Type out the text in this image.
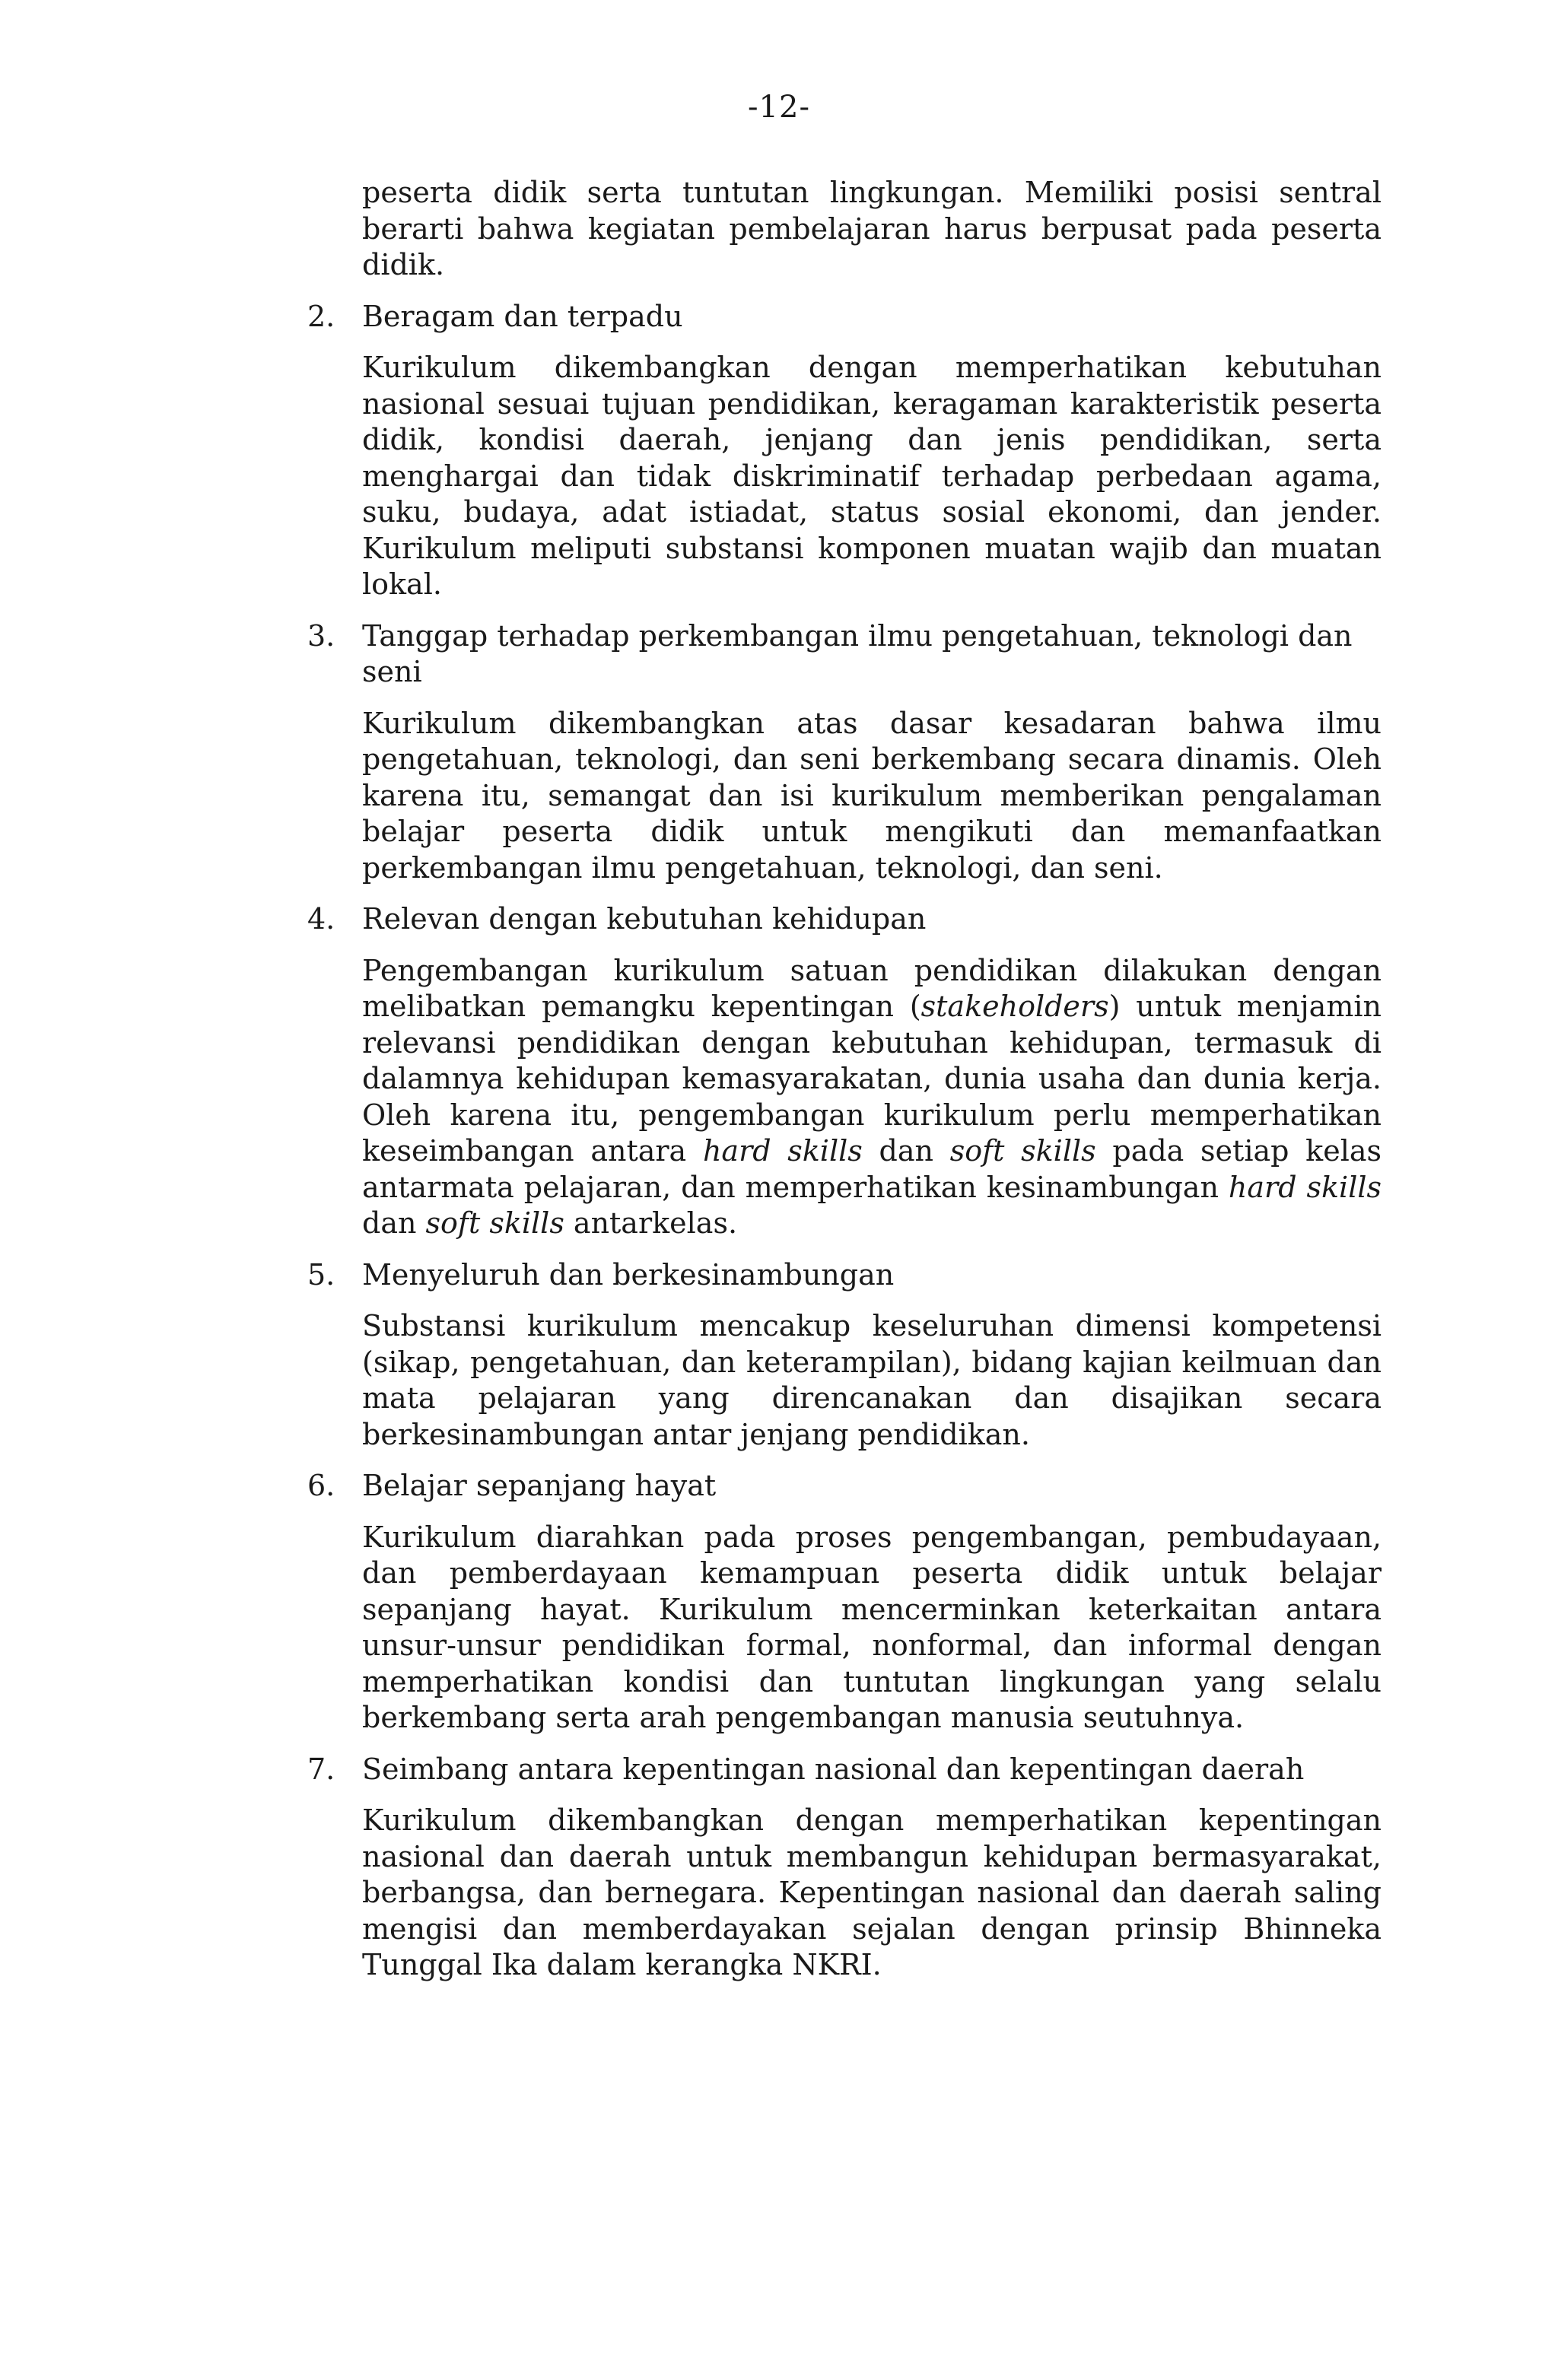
-12-

peserta didik serta tuntutan lingkungan. Memiliki posisi sentral berarti bahwa kegiatan pembelajaran harus berpusat pada peserta didik.

2. Beragam dan terpadu

Kurikulum dikembangkan dengan memperhatikan kebutuhan nasional sesuai tujuan pendidikan, keragaman karakteristik peserta didik, kondisi daerah, jenjang dan jenis pendidikan, serta menghargai dan tidak diskriminatif terhadap perbedaan agama, suku, budaya, adat istiadat, status sosial ekonomi, dan jender. Kurikulum meliputi substansi komponen muatan wajib dan muatan lokal.

3. Tanggap terhadap perkembangan ilmu pengetahuan, teknologi dan seni

Kurikulum dikembangkan atas dasar kesadaran bahwa ilmu pengetahuan, teknologi, dan seni berkembang secara dinamis. Oleh karena itu, semangat dan isi kurikulum memberikan pengalaman belajar peserta didik untuk mengikuti dan memanfaatkan perkembangan ilmu pengetahuan, teknologi, dan seni.

4. Relevan dengan kebutuhan kehidupan

Pengembangan kurikulum satuan pendidikan dilakukan dengan melibatkan pemangku kepentingan (stakeholders) untuk menjamin relevansi pendidikan dengan kebutuhan kehidupan, termasuk di dalamnya kehidupan kemasyarakatan, dunia usaha dan dunia kerja. Oleh karena itu, pengembangan kurikulum perlu memperhatikan keseimbangan antara hard skills dan soft skills pada setiap kelas antarmata pelajaran, dan memperhatikan kesinambungan hard skills dan soft skills antarkelas.

5. Menyeluruh dan berkesinambungan

Substansi kurikulum mencakup keseluruhan dimensi kompetensi (sikap, pengetahuan, dan keterampilan), bidang kajian keilmuan dan mata pelajaran yang direncanakan dan disajikan secara berkesinambungan antar jenjang pendidikan.

6. Belajar sepanjang hayat

Kurikulum diarahkan pada proses pengembangan, pembudayaan, dan pemberdayaan kemampuan peserta didik untuk belajar sepanjang hayat. Kurikulum mencerminkan keterkaitan antara unsur-unsur pendidikan formal, nonformal, dan informal dengan memperhatikan kondisi dan tuntutan lingkungan yang selalu berkembang serta arah pengembangan manusia seutuhnya.

7. Seimbang antara kepentingan nasional dan kepentingan daerah

Kurikulum dikembangkan dengan memperhatikan kepentingan nasional dan daerah untuk membangun kehidupan bermasyarakat, berbangsa, dan bernegara. Kepentingan nasional dan daerah saling mengisi dan memberdayakan sejalan dengan prinsip Bhinneka Tunggal Ika dalam kerangka NKRI.
